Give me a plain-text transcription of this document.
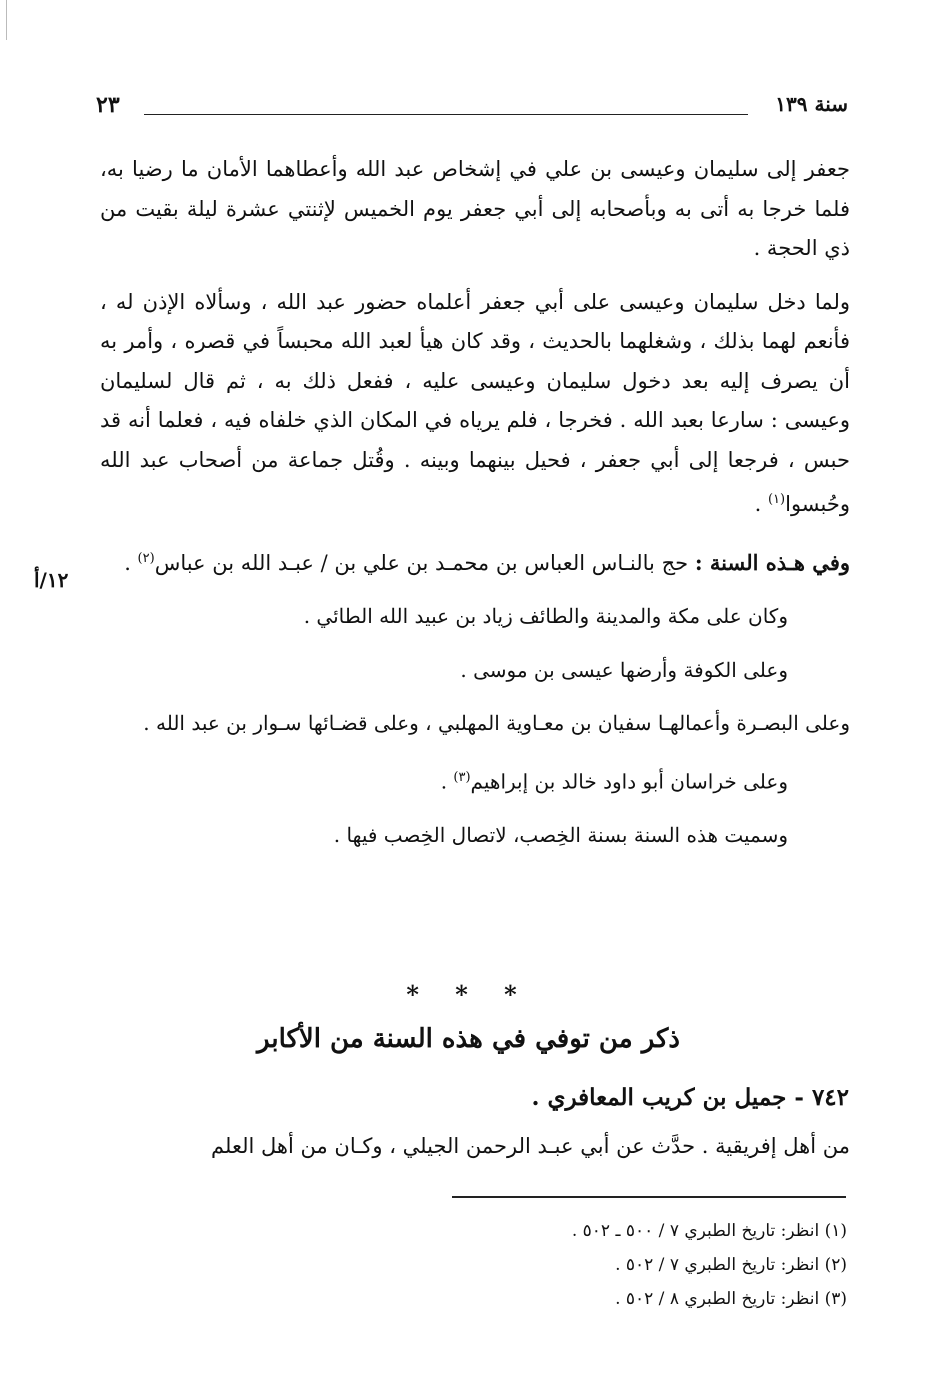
٢٣	سنة ١٣٩

جعفر إلى سليمان وعيسى بن علي في إشخاص عبد الله وأعطاهما الأمان ما رضيا به، فلما خرجا به أتى به وبأصحابه إلى أبي جعفر يوم الخميس لإثنتي عشرة ليلة بقيت من ذي الحجة .

ولما دخل سليمان وعيسى على أبي جعفر أعلماه حضور عبد الله ، وسألاه الإذن له ، فأنعم لهما بذلك ، وشغلهما بالحديث ، وقد كان هيأ لعبد الله محبساً في قصره ، وأمر به أن يصرف إليه بعد دخول سليمان وعيسى عليه ، ففعل ذلك به ، ثم قال لسليمان وعيسى : سارعا بعبد الله . فخرجا ، فلم يرياه في المكان الذي خلفاه فيه ، فعلما أنه قد حبس ، فرجعا إلى أبي جعفر ، فحيل بينهما وبينه . وقُتل جماعة من أصحاب عبد الله وحُبسوا$^{(١)}$ .

وفي هـذه السنة : حج بالنـاس العباس بن محمـد بن علي بن / عبـد الله بن عباس$^{(٢)}$ .

وكان على مكة والمدينة والطائف زياد بن عبيد الله الطائي .

وعلى الكوفة وأرضها عيسى بن موسى .

وعلى البصـرة وأعمالهـا سفيان بن معـاوية المهلبي ، وعلى قضـائها سـوار بن عبد الله .

وعلى خراسان أبو داود خالد بن إبراهيم$^{(٣)}$ .

وسميت هذه السنة بسنة الخِصب، لاتصال الخِصب فيها .

١٢/أ
* * *
ذكر من توفي في هذه السنة من الأكابر
٧٤٢ - جميل بن كريب المعافري .
من أهل إفريقية . حدَّث عن أبي عبـد الرحمن الجيلي ، وكـان من أهل العلم
(١) انظر: تاريخ الطبري ٧ / ٥٠٠ ـ ٥٠٢ .
(٢) انظر: تاريخ الطبري ٧ / ٥٠٢ .
(٣) انظر: تاريخ الطبري ٨ / ٥٠٢ .
